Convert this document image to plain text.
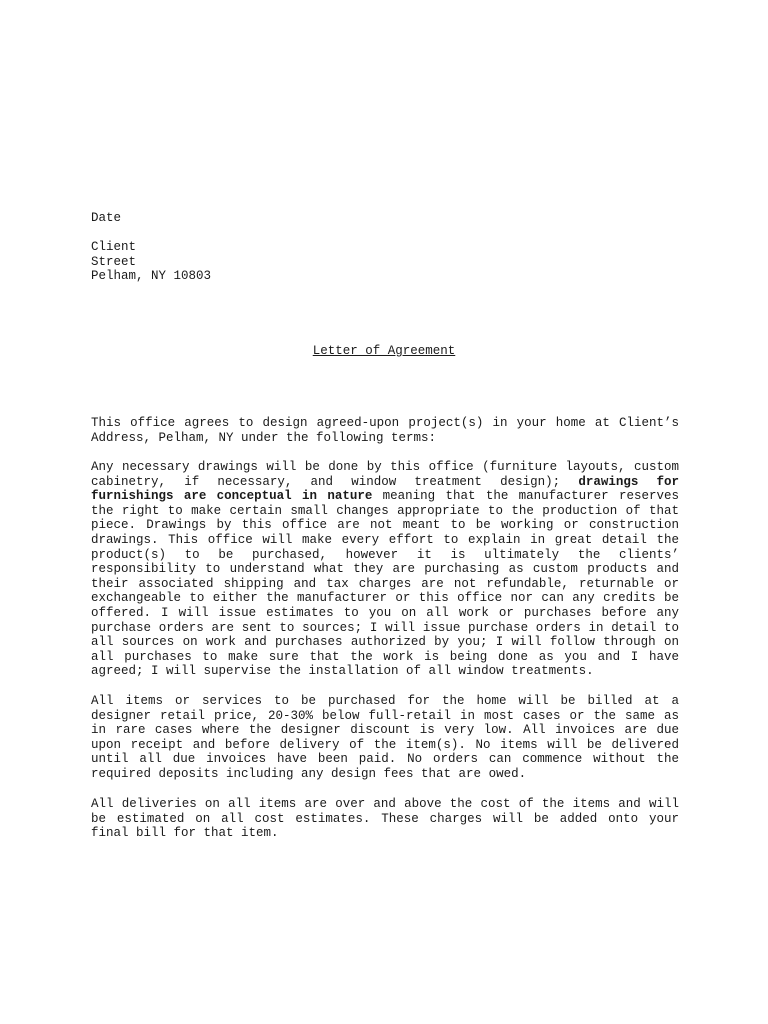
Date
Client
Street
Pelham, NY 10803
Letter of Agreement

This office agrees to design agreed-upon project(s) in your home at Client’s Address, Pelham, NY under the following terms:

Any necessary drawings will be done by this office (furniture layouts, custom cabinetry, if necessary, and window treatment design); drawings for furnishings are conceptual in nature meaning that the manufacturer reserves the right to make certain small changes appropriate to the production of that piece. Drawings by this office are not meant to be working or construction drawings. This office will make every effort to explain in great detail the product(s) to be purchased, however it is ultimately the clients’ responsibility to understand what they are purchasing as custom products and their associated shipping and tax charges are not refundable, returnable or exchangeable to either the manufacturer or this office nor can any credits be offered. I will issue estimates to you on all work or purchases before any purchase orders are sent to sources; I will issue purchase orders in detail to all sources on work and purchases authorized by you; I will follow through on all purchases to make sure that the work is being done as you and I have agreed; I will supervise the installation of all window treatments.

All items or services to be purchased for the home will be billed at a designer retail price, 20-30% below full-retail in most cases or the same as in rare cases where the designer discount is very low. All invoices are due upon receipt and before delivery of the item(s). No items will be delivered until all due invoices have been paid. No orders can commence without the required deposits including any design fees that are owed.

All deliveries on all items are over and above the cost of the items and will be estimated on all cost estimates. These charges will be added onto your final bill for that item.
